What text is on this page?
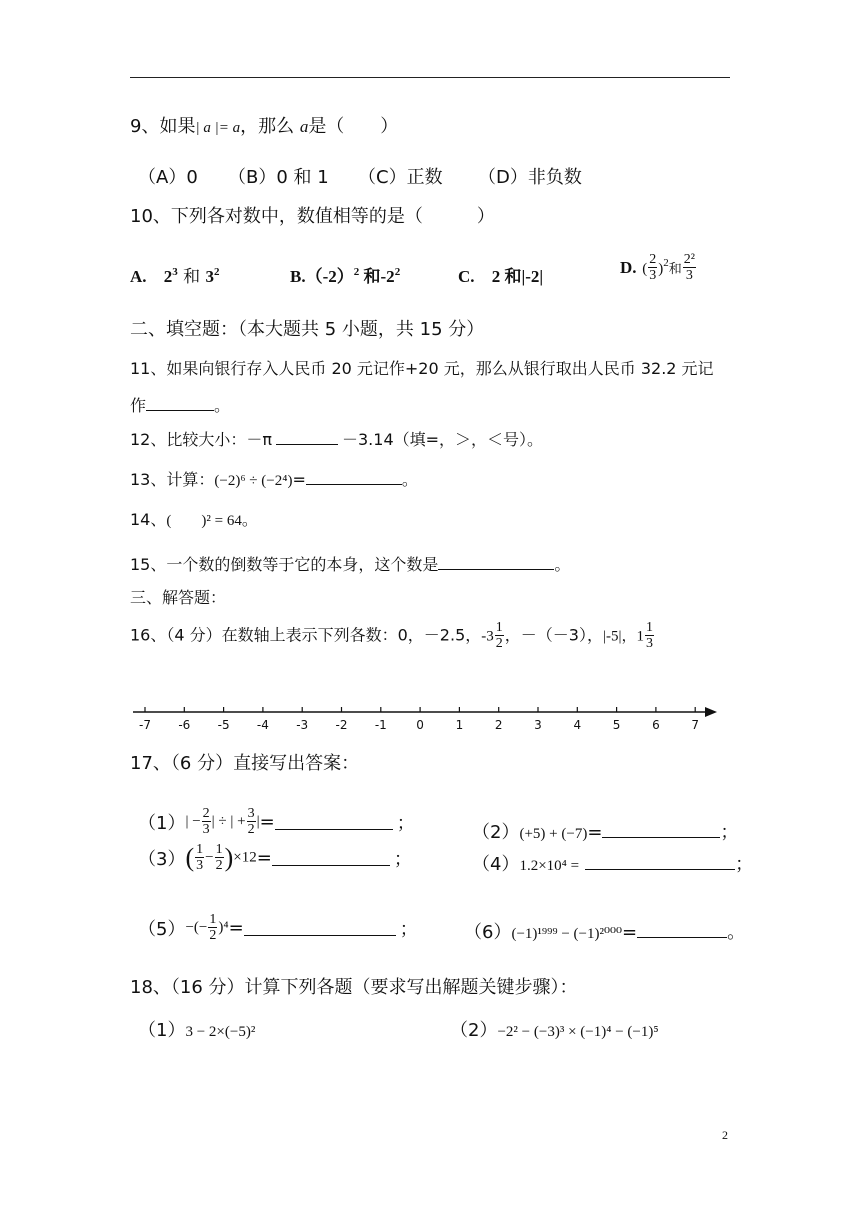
9、如果| a |= a，那么 a是（　　）
（A）0 （B）0 和 1 （C）正数 （D）非负数
10、下列各对数中，数值相等的是（　　　）
A. $2^3$ 和 $3^2$	$B.(-2)^2$ 和$-2^2$	C. 2 和|-2|	D. ( $\frac{2}{3} )^2$和 $\frac{\text{2²}}{3}$
二、填空题：（本大题共 5 小题，共 15 分）
11、如果向银行存入人民币 20 元记作+20 元，那么从银行取出人民币 32.2 元记
作	。
12、比较大小：－π	－3.14（填=，＞，＜号）。
13、计算：(−2)⁶ ÷ (−2⁴)=	。
14、(　　)² = 64。
15、一个数的倒数等于它的本身，这个数是	。
三、解答题：
16、（4 分）在数轴上表示下列各数：0，－2.5，$-3 \frac{1}{2}$ ，－（－3），|-5|，$1 \frac{1}{3}$
-7 -6 -5 -4 -3 -2 -1 0	1	2	3	4	5	6	7
17、（6 分）直接写出答案：
$(1)| - \frac{2}{3}$ | ÷ | + $\frac{3}{2}$ |=	；	（2）(+5) + (−7)=	；
$(3)( \frac{1}{3} - \frac{1}{2} )\times 12=$	；	（4）1.2×10⁴ =	；
$(5)-(- \frac{1}{2} )^4=$	；	（6）(−1)¹⁹⁹⁹ − (−1)²⁰⁰⁰=	。
18、（16 分）计算下列各题（要求写出解题关键步骤）：
（1）3 − 2×(−5)²	（2）−2² − (−3)³ × (−1)⁴ − (−1)⁵
2
